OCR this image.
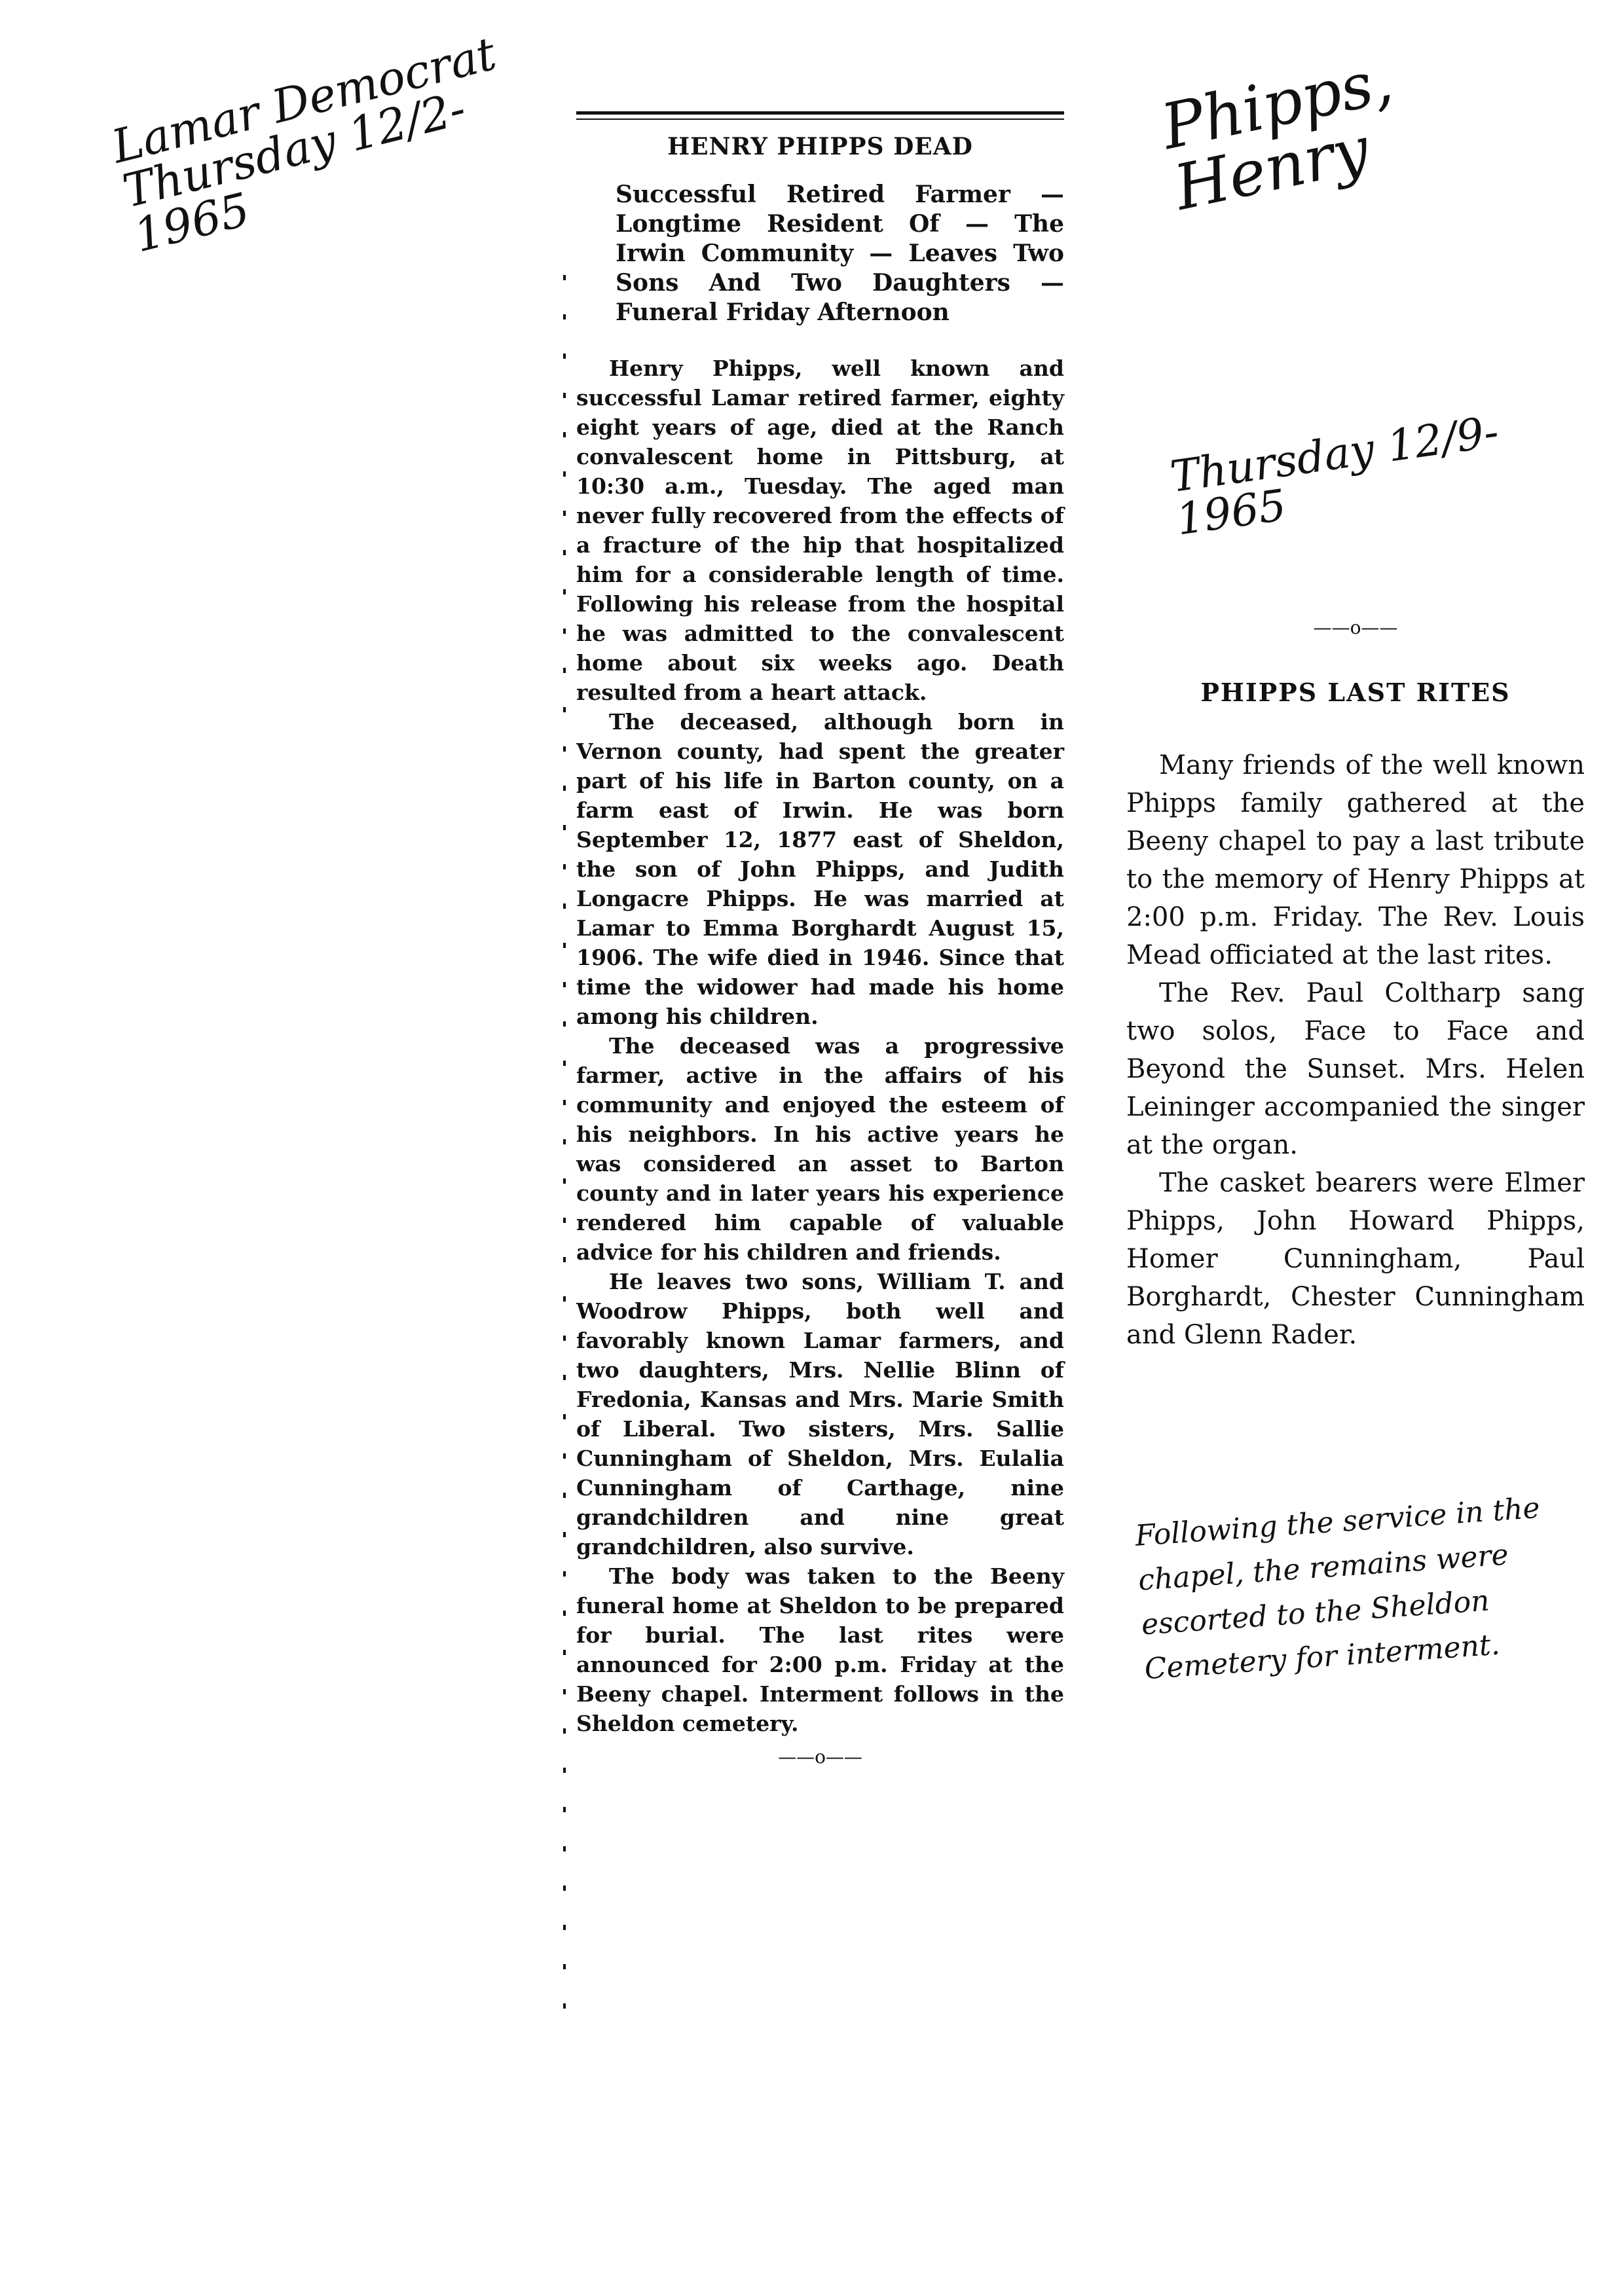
Lamar Democrat Thursday 12/2-1965
Phipps, Henry
Thursday 12/9-1965
Following the service in the chapel, the remains were escorted to the Sheldon Cemetery for interment.
HENRY PHIPPS DEAD
Successful Retired Farmer — Longtime Resident Of — The Irwin Community — Leaves Two Sons And Two Daughters — Funeral Friday Afternoon

Henry Phipps, well known and successful Lamar retired farmer, eighty eight years of age, died at the Ranch convalescent home in Pittsburg, at 10:30 a.m., Tuesday. The aged man never fully recovered from the effects of a fracture of the hip that hospitalized him for a considerable length of time. Following his release from the hospital he was admitted to the convalescent home about six weeks ago. Death resulted from a heart attack.

The deceased, although born in Vernon county, had spent the greater part of his life in Barton county, on a farm east of Irwin. He was born September 12, 1877 east of Sheldon, the son of John Phipps, and Judith Longacre Phipps. He was married at Lamar to Emma Borghardt August 15, 1906. The wife died in 1946. Since that time the widower had made his home among his children.

The deceased was a progressive farmer, active in the affairs of his community and enjoyed the esteem of his neighbors. In his active years he was considered an asset to Barton county and in later years his experience rendered him capable of valuable advice for his children and friends.

He leaves two sons, William T. and Woodrow Phipps, both well and favorably known Lamar farmers, and two daughters, Mrs. Nellie Blinn of Fredonia, Kansas and Mrs. Marie Smith of Liberal. Two sisters, Mrs. Sallie Cunningham of Sheldon, Mrs. Eulalia Cunningham of Carthage, nine grandchildren and nine great grandchildren, also survive.

The body was taken to the Beeny funeral home at Sheldon to be prepared for burial. The last rites were announced for 2:00 p.m. Friday at the Beeny chapel. Interment follows in the Sheldon cemetery.

——o——
——o——
PHIPPS LAST RITES

Many friends of the well known Phipps family gathered at the Beeny chapel to pay a last tribute to the memory of Henry Phipps at 2:00 p.m. Friday. The Rev. Louis Mead officiated at the last rites.

The Rev. Paul Coltharp sang two solos, Face to Face and Beyond the Sunset. Mrs. Helen Leininger accompanied the singer at the organ.

The casket bearers were Elmer Phipps, John Howard Phipps, Homer Cunningham, Paul Borghardt, Chester Cunningham and Glenn Rader.
